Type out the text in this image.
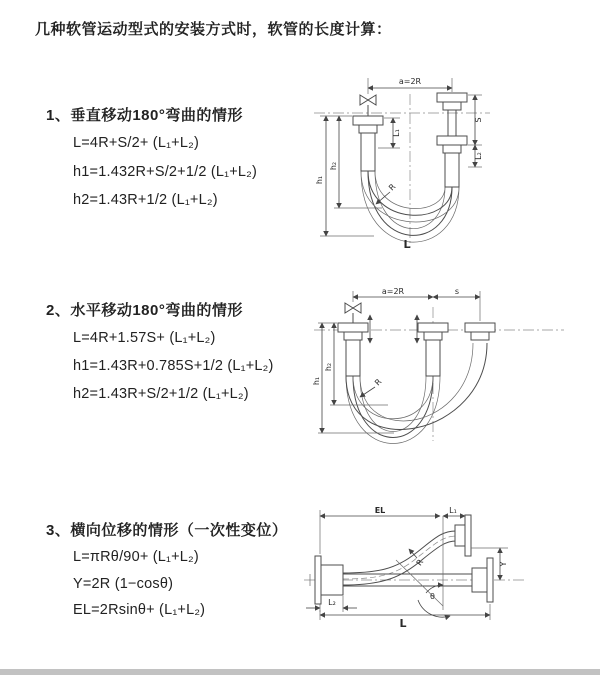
几种软管运动型式的安装方式时，软管的长度计算：
1、垂直移动180°弯曲的情形
L=4R+S/2+ (L₁+L₂)
h1=1.432R+S/2+1/2 (L₁+L₂)
h2=1.43R+1/2 (L₁+L₂)
2、水平移动180°弯曲的情形
L=4R+1.57S+ (L₁+L₂)
h1=1.43R+0.785S+1/2 (L₁+L₂)
h2=1.43R+S/2+1/2 (L₁+L₂)
3、横向位移的情形（一次性变位）
L=πRθ/90+ (L₁+L₂)
Y=2R (1−cosθ)
EL=2Rsinθ+ (L₁+L₂)
a=2R
h₁
h₂
L₁
S
L₂
R
L
a=2R	s
h₁
h₂
R
EL	L₁
Y
θ
R
L₂
L
